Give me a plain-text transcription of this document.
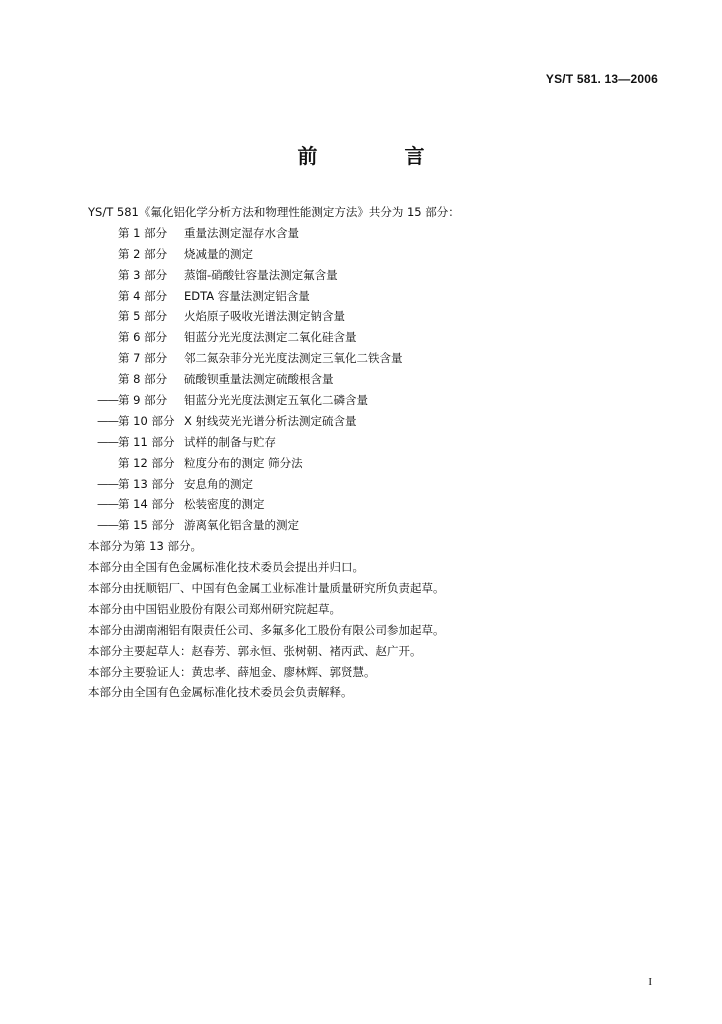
YS/T 581. 13—2006
前 言
YS/T 581《氟化铝化学分析方法和物理性能测定方法》共分为 15 部分：
第 1 部分	重量法测定湿存水含量
第 2 部分	烧减量的测定
第 3 部分	蒸馏-硝酸钍容量法测定氟含量
第 4 部分	EDTA 容量法测定铝含量
第 5 部分	火焰原子吸收光谱法测定钠含量
第 6 部分	钼蓝分光光度法测定二氧化硅含量
第 7 部分	邻二氮杂菲分光光度法测定三氧化二铁含量
第 8 部分	硫酸钡重量法测定硫酸根含量
—— 第 9 部分	钼蓝分光光度法测定五氧化二磷含量
—— 第 10 部分 X 射线荧光光谱分析法测定硫含量
—— 第 11 部分 试样的制备与贮存
第 12 部分 粒度分布的测定 筛分法
—— 第 13 部分 安息角的测定
—— 第 14 部分 松装密度的测定
—— 第 15 部分 游离氧化铝含量的测定
本部分为第 13 部分。
本部分由全国有色金属标准化技术委员会提出并归口。
本部分由抚顺铝厂、中国有色金属工业标准计量质量研究所负责起草。
本部分由中国铝业股份有限公司郑州研究院起草。
本部分由湖南湘铝有限责任公司、多氟多化工股份有限公司参加起草。
本部分主要起草人：赵春芳、郭永恒、张树朝、褚丙武、赵广开。
本部分主要验证人：黄忠孝、薛旭金、廖林辉、郭贤慧。
本部分由全国有色金属标准化技术委员会负责解释。
I
